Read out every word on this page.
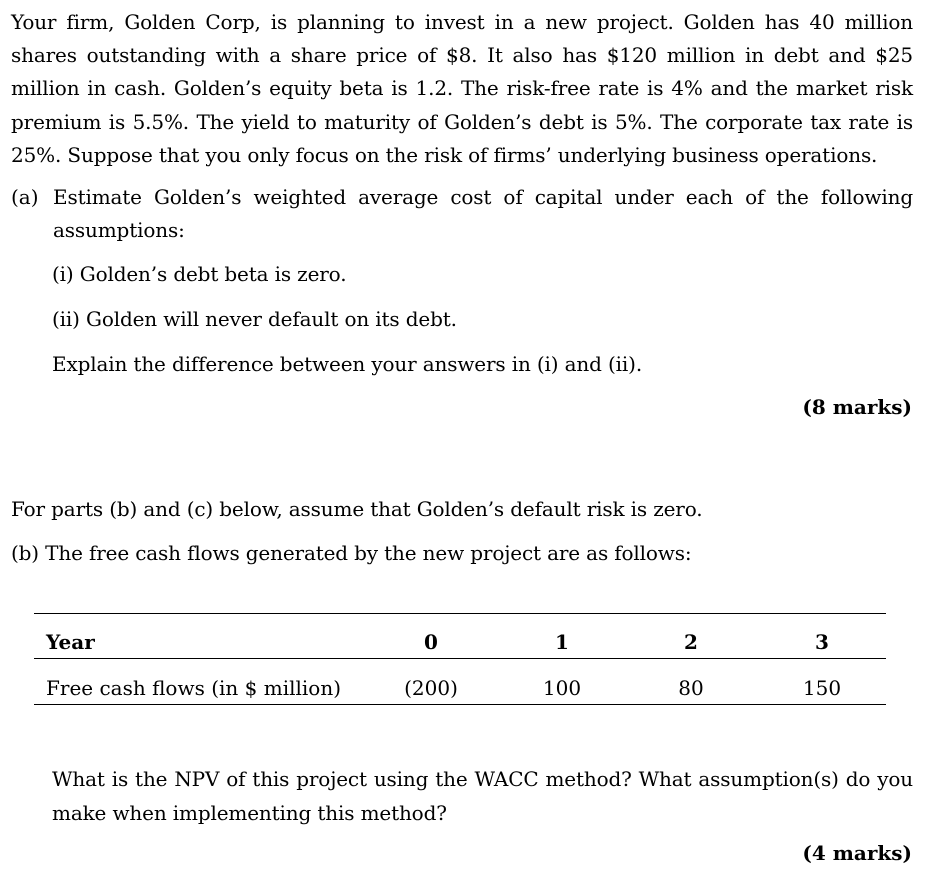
Your firm, Golden Corp, is planning to invest in a new project. Golden has 40 million shares outstanding with a share price of $8. It also has $120 million in debt and $25 million in cash. Golden’s equity beta is 1.2. The risk-free rate is 4% and the market risk premium is 5.5%. The yield to maturity of Golden’s debt is 5%. The corporate tax rate is 25%. Suppose that you only focus on the risk of firms’ underlying business operations.

(a) Estimate Golden’s weighted average cost of capital under each of the following assumptions:

(i) Golden’s debt beta is zero.

(ii) Golden will never default on its debt.

Explain the difference between your answers in (i) and (ii).

(8 marks)

For parts (b) and (c) below, assume that Golden’s default risk is zero.

(b) The free cash flows generated by the new project are as follows:

Year	0	1	2	3
Free cash flows (in $ million)	(200)	100	80	150

What is the NPV of this project using the WACC method? What assumption(s) do you make when implementing this method?

(4 marks)
